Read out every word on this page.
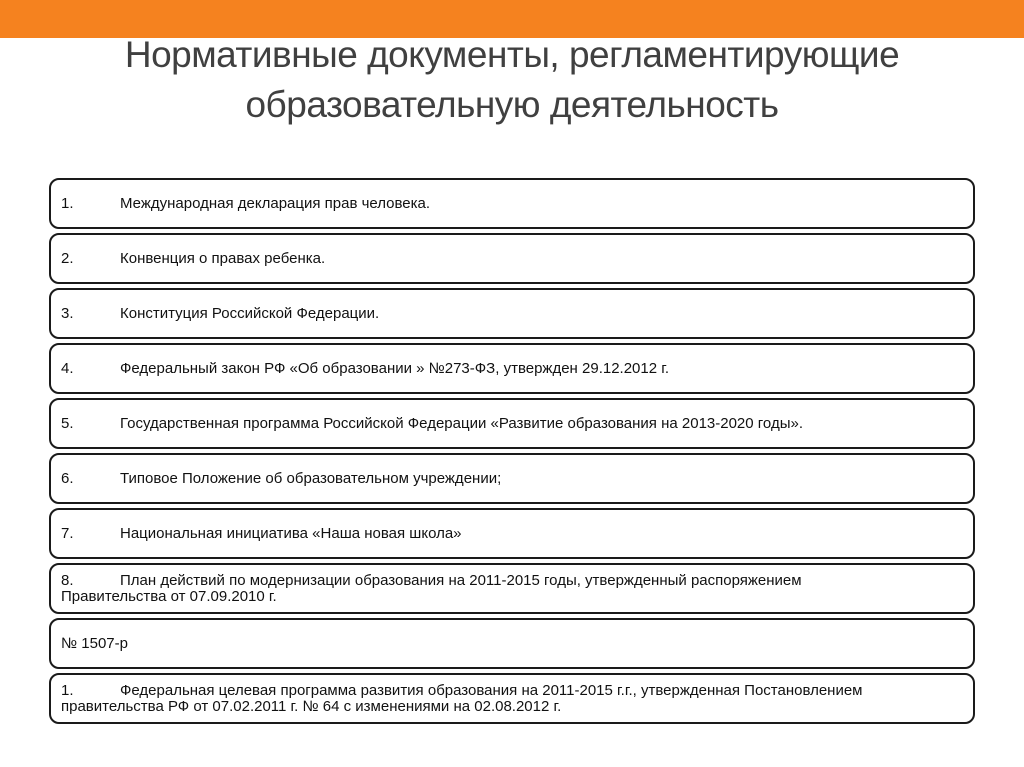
Нормативные документы, регламентирующие
образовательную деятельность
1.	Международная декларация прав человека.
2.	Конвенция о правах ребенка.
3.	Конституция Российской Федерации.
4.	Федеральный закон РФ «Об образовании » №273-ФЗ, утвержден 29.12.2012 г.
5.	Государственная программа Российской Федерации «Развитие образования на 2013-2020 годы».
6.	Типовое Положение об образовательном учреждении;
7.	Национальная инициатива «Наша новая школа»
8.	План действий по модернизации образования на 2011-2015 годы, утвержденный распоряжением
Правительства от 07.09.2010 г.
№ 1507-р
1.	Федеральная целевая программа развития образования на 2011-2015 г.г., утвержденная Постановлением
правительства РФ от 07.02.2011 г. № 64 с изменениями на 02.08.2012 г.
